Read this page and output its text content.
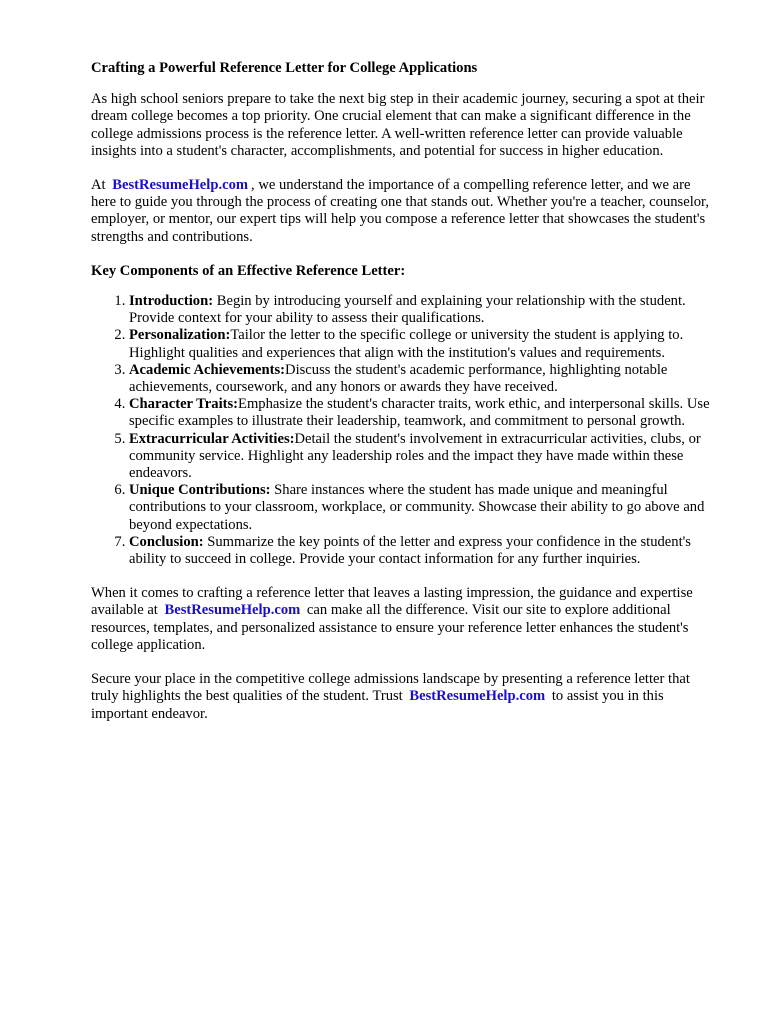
Crafting a Powerful Reference Letter for College Applications

As high school seniors prepare to take the next big step in their academic journey, securing a spot at their dream college becomes a top priority. One crucial element that can make a significant difference in the college admissions process is the reference letter. A well-written reference letter can provide valuable insights into a student's character, accomplishments, and potential for success in higher education.

At BestResumeHelp.com , we understand the importance of a compelling reference letter, and we are here to guide you through the process of creating one that stands out. Whether you're a teacher, counselor, employer, or mentor, our expert tips will help you compose a reference letter that showcases the student's strengths and contributions.

Key Components of an Effective Reference Letter:
1. Introduction: Begin by introducing yourself and explaining your relationship with the student. Provide context for your ability to assess their qualifications.
2. Personalization:Tailor the letter to the specific college or university the student is applying to. Highlight qualities and experiences that align with the institution's values and requirements.
3. Academic Achievements:Discuss the student's academic performance, highlighting notable achievements, coursework, and any honors or awards they have received.
4. Character Traits:Emphasize the student's character traits, work ethic, and interpersonal skills. Use specific examples to illustrate their leadership, teamwork, and commitment to personal growth.
5. Extracurricular Activities:Detail the student's involvement in extracurricular activities, clubs, or community service. Highlight any leadership roles and the impact they have made within these endeavors.
6. Unique Contributions: Share instances where the student has made unique and meaningful contributions to your classroom, workplace, or community. Showcase their ability to go above and beyond expectations.
7. Conclusion: Summarize the key points of the letter and express your confidence in the student's ability to succeed in college. Provide your contact information for any further inquiries.

When it comes to crafting a reference letter that leaves a lasting impression, the guidance and expertise available at BestResumeHelp.com can make all the difference. Visit our site to explore additional resources, templates, and personalized assistance to ensure your reference letter enhances the student's college application.

Secure your place in the competitive college admissions landscape by presenting a reference letter that truly highlights the best qualities of the student. Trust BestResumeHelp.com to assist you in this important endeavor.
